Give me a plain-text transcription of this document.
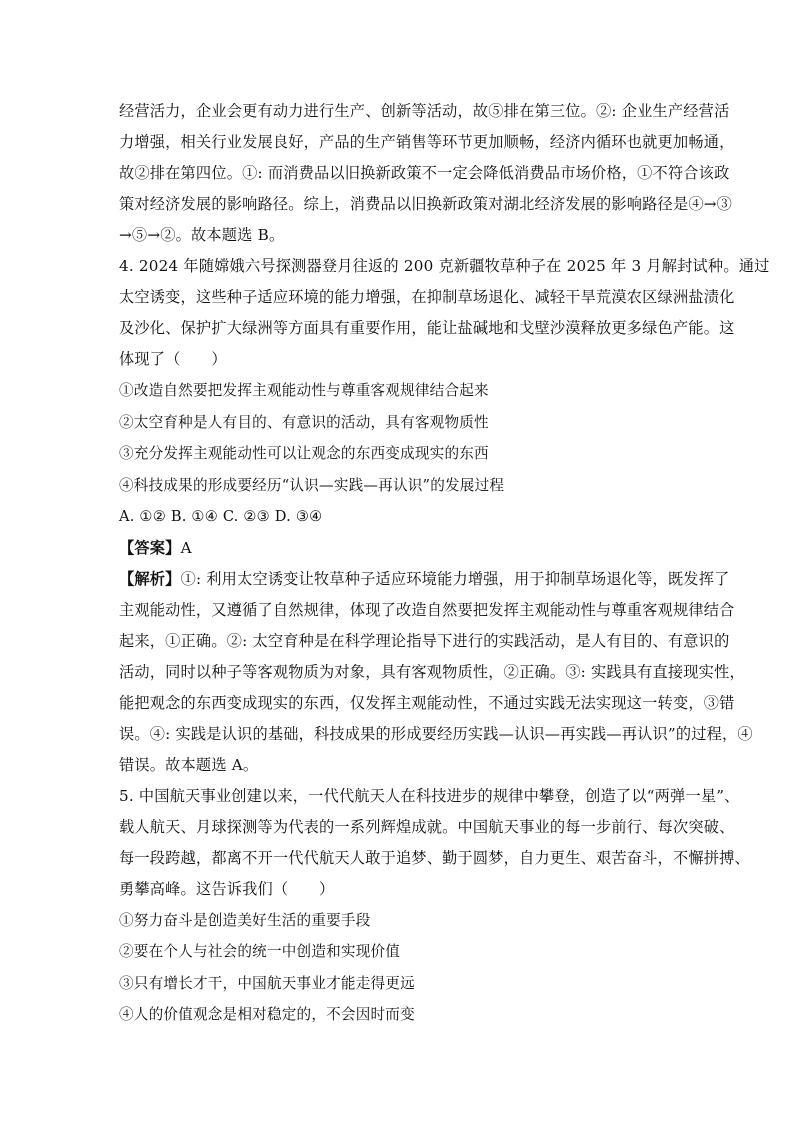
经营活力，企业会更有动力进行生产、创新等活动，故⑤排在第三位。②: 企业生产经营活
力增强，相关行业发展良好，产品的生产销售等环节更加顺畅，经济内循环也就更加畅通，
故②排在第四位。①: 而消费品以旧换新政策不一定会降低消费品市场价格，①不符合该政
策对经济发展的影响路径。综上，消费品以旧换新政策对湖北经济发展的影响路径是④→③
→⑤→②。故本题选 B。
4. 2024 年随嫦娥六号探测器登月往返的 200 克新疆牧草种子在 2025 年 3 月解封试种。通过
太空诱变，这些种子适应环境的能力增强，在抑制草场退化、减轻干旱荒漠农区绿洲盐渍化
及沙化、保护扩大绿洲等方面具有重要作用，能让盐碱地和戈壁沙漠释放更多绿色产能。这
体现了（　　）
①改造自然要把发挥主观能动性与尊重客观规律结合起来
②太空育种是人有目的、有意识的活动，具有客观物质性
③充分发挥主观能动性可以让观念的东西变成现实的东西
④科技成果的形成要经历“认识—实践—再认识”的发展过程
A. ①② B. ①④ C. ②③ D. ③④
【答案】A
【解析】①: 利用太空诱变让牧草种子适应环境能力增强，用于抑制草场退化等，既发挥了
主观能动性，又遵循了自然规律，体现了改造自然要把发挥主观能动性与尊重客观规律结合
起来，①正确。②: 太空育种是在科学理论指导下进行的实践活动，是人有目的、有意识的
活动，同时以种子等客观物质为对象，具有客观物质性，②正确。③: 实践具有直接现实性，
能把观念的东西变成现实的东西，仅发挥主观能动性，不通过实践无法实现这一转变，③错
误。④: 实践是认识的基础，科技成果的形成要经历实践—认识—再实践—再认识”的过程，④
错误。故本题选 A。
5. 中国航天事业创建以来，一代代航天人在科技进步的规律中攀登，创造了以“两弹一星”、
载人航天、月球探测等为代表的一系列辉煌成就。中国航天事业的每一步前行、每次突破、
每一段跨越，都离不开一代代航天人敢于追梦、勤于圆梦，自力更生、艰苦奋斗，不懈拼搏、
勇攀高峰。这告诉我们（　　）
①努力奋斗是创造美好生活的重要手段
②要在个人与社会的统一中创造和实现价值
③只有增长才干，中国航天事业才能走得更远
④人的价值观念是相对稳定的，不会因时而变
